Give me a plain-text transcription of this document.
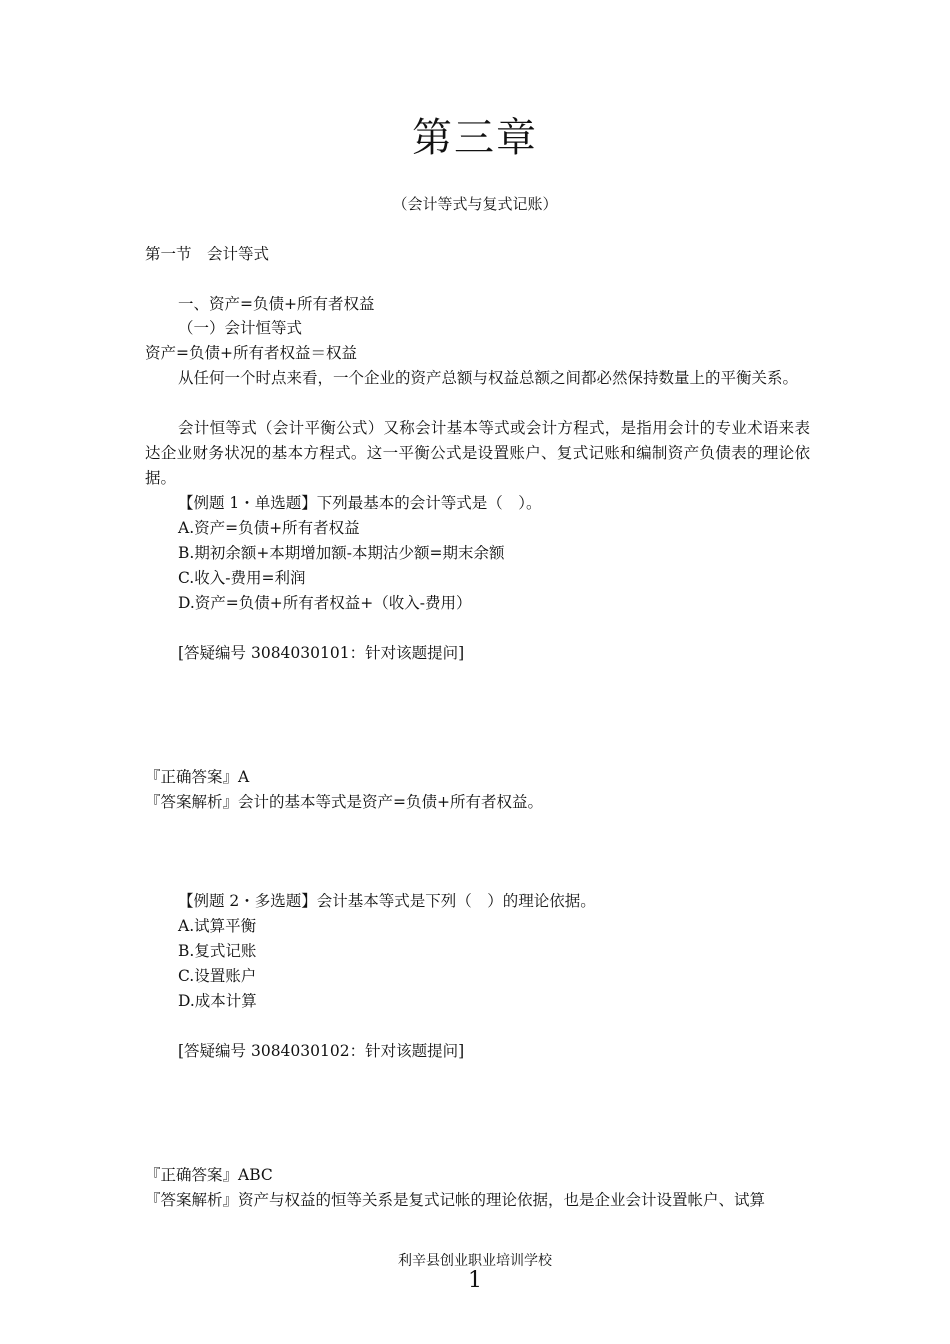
第三章
（会计等式与复式记账）
第一节　会计等式
一、资产=负债+所有者权益
（一）会计恒等式
资产=负债+所有者权益＝权益
从任何一个时点来看，一个企业的资产总额与权益总额之间都必然保持数量上的平衡关系。
会计恒等式（会计平衡公式）又称会计基本等式或会计方程式，是指用会计的专业术语来表达企业财务状况的基本方程式。这一平衡公式是设置账户、复式记账和编制资产负债表的理论依据。
【例题 1・单选题】下列最基本的会计等式是（　）。
A.资产=负债+所有者权益
B.期初余额+本期增加额-本期沽少额=期末余额
C.收入-费用=利润
D.资产=负债+所有者权益+（收入-费用）
[答疑编号 3084030101：针对该题提问]
『正确答案』A
『答案解析』会计的基本等式是资产=负债+所有者权益。
【例题 2・多选题】会计基本等式是下列（　）的理论依据。
A.试算平衡
B.复式记账
C.设置账户
D.成本计算
[答疑编号 3084030102：针对该题提问]
『正确答案』ABC
『答案解析』资产与权益的恒等关系是复式记帐的理论依据，也是企业会计设置帐户、试算
利辛县创业职业培训学校
1
